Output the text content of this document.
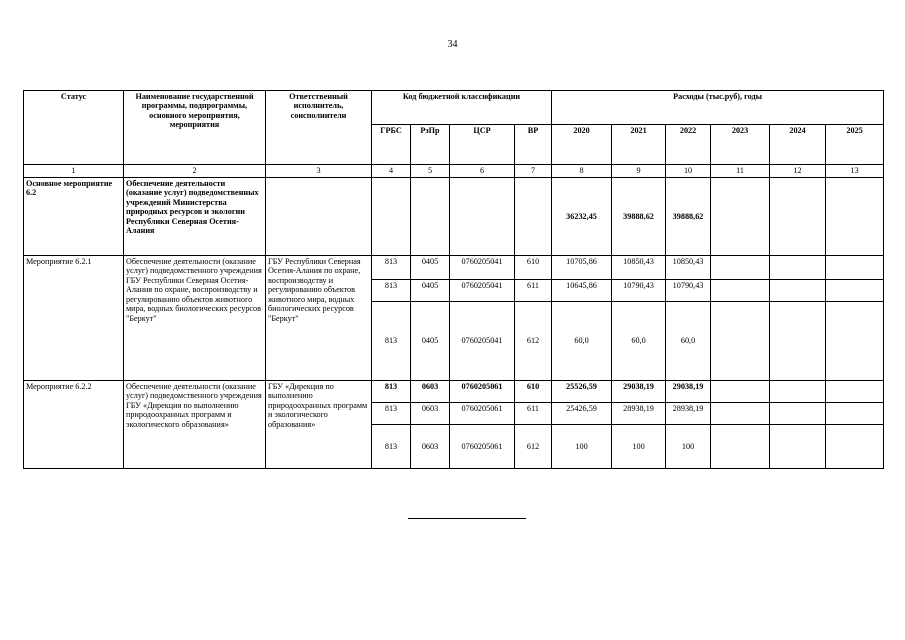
34
Статус	Наименование государственной программы, подпрограммы, основного мероприятия, мероприятия	Ответственный исполнитель, соисполнители	Код бюджетной классификации				Расходы (тыс.руб), годы					
			ГРБС	РзПр	ЦСР	ВР	2020	2021	2022	2023	2024	2025
1	2	3	4	5	6	7	8	9	10	11	12	13
Основное мероприятие 6.2	Обеспечение деятельности (оказание услуг) подведомственных учреждений Министерства природных ресурсов и экологии Республики Северная Осетия-Алания						36232,45	39888,62	39888,62			
Мероприятие 6.2.1	Обеспечение деятельности (оказание услуг) подведомственного учреждения ГБУ Республики Северная Осетия-Алания по охране, воспроизводству и регулированию объектов животного мира, водных биологических ресурсов "Беркут"	ГБУ Республики Северная Осетия-Алания по охране, воспроизводству и регулированию объектов животного мира, водных биологических ресурсов "Беркут"	813	0405	0760205041	610	10705,86	10850,43	10850,43			
			813	0405	0760205041	611	10645,86	10790,43	10790,43			
			813	0405	0760205041	612	60,0	60,0	60,0			
Мероприятие 6.2.2	Обеспечение деятельности (оказание услуг) подведомственного учреждения ГБУ «Дирекция по выполнению природоохранных программ и экологического образования»	ГБУ «Дирекция по выполнению природоохранных программ и экологического образования»	813	0603	0760205061	610	25526,59	29038,19	29038,19			
			813	0603	0760205061	611	25426,59	28938,19	28938,19			
			813	0603	0760205061	612	100	100	100			
